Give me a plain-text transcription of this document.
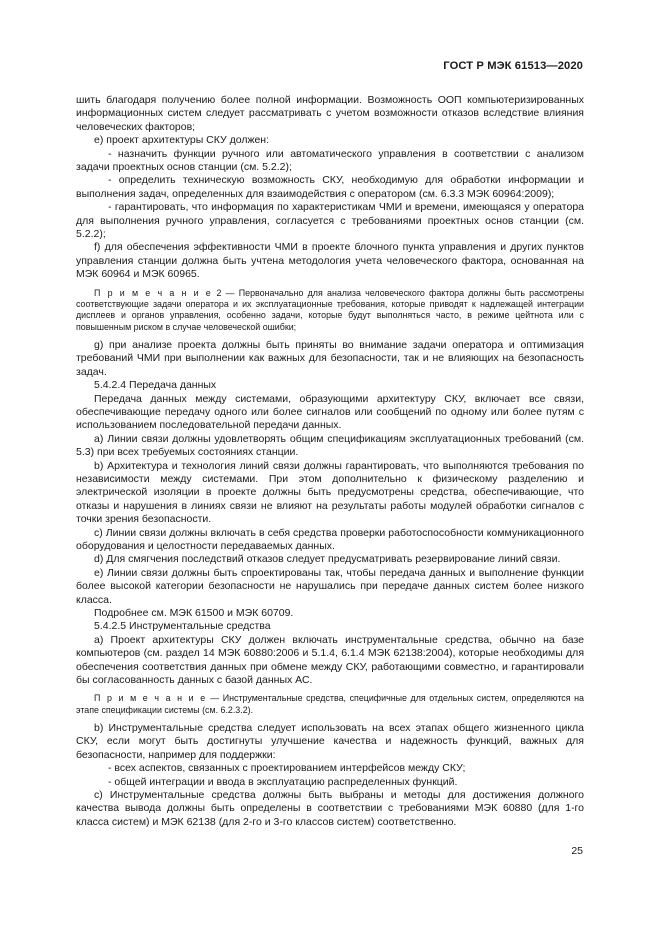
ГОСТ Р МЭК 61513—2020

шить благодаря получению более полной информации. Возможность ООП компьютеризированных информационных систем следует рассматривать с учетом возможности отказов вследствие влияния человеческих факторов;

e) проект архитектуры СКУ должен:

- назначить функции ручного или автоматического управления в соответствии с анализом задачи проектных основ станции (см. 5.2.2);

- определить техническую возможность СКУ, необходимую для обработки информации и выполнения задач, определенных для взаимодействия с оператором (см. 6.3.3 МЭК 60964:2009);

- гарантировать, что информация по характеристикам ЧМИ и времени, имеющаяся у оператора для выполнения ручного управления, согласуется с требованиями проектных основ станции (см. 5.2.2);

f) для обеспечения эффективности ЧМИ в проекте блочного пункта управления и других пунктов управления станции должна быть учтена методология учета человеческого фактора, основанная на МЭК 60964 и МЭК 60965.

П р и м е ч а н и е 2 — Первоначально для анализа человеческого фактора должны быть рассмотрены соответствующие задачи оператора и их эксплуатационные требования, которые приводят к надлежащей интеграции дисплеев и органов управления, особенно задачи, которые будут выполняться часто, в режиме цейтнота или с повышенным риском в случае человеческой ошибки;

g) при анализе проекта должны быть приняты во внимание задачи оператора и оптимизация требований ЧМИ при выполнении как важных для безопасности, так и не влияющих на безопасность задач.

5.4.2.4 Передача данных

Передача данных между системами, образующими архитектуру СКУ, включает все связи, обеспечивающие передачу одного или более сигналов или сообщений по одному или более путям с использованием последовательной передачи данных.

a) Линии связи должны удовлетворять общим спецификациям эксплуатационных требований (см. 5.3) при всех требуемых состояниях станции.

b) Архитектура и технология линий связи должны гарантировать, что выполняются требования по независимости между системами. При этом дополнительно к физическому разделению и электрической изоляции в проекте должны быть предусмотрены средства, обеспечивающие, что отказы и нарушения в линиях связи не влияют на результаты работы модулей обработки сигналов с точки зрения безопасности.

c) Линии связи должны включать в себя средства проверки работоспособности коммуникационного оборудования и целостности передаваемых данных.

d) Для смягчения последствий отказов следует предусматривать резервирование линий связи.

e) Линии связи должны быть спроектированы так, чтобы передача данных и выполнение функции более высокой категории безопасности не нарушались при передаче данных систем более низкого класса.

Подробнее см. МЭК 61500 и МЭК 60709.

5.4.2.5 Инструментальные средства

a) Проект архитектуры СКУ должен включать инструментальные средства, обычно на базе компьютеров (см. раздел 14 МЭК 60880:2006 и 5.1.4, 6.1.4 МЭК 62138:2004), которые необходимы для обеспечения соответствия данных при обмене между СКУ, работающими совместно, и гарантировали бы согласованность данных с базой данных АС.

П р и м е ч а н и е — Инструментальные средства, специфичные для отдельных систем, определяются на этапе спецификации системы (см. 6.2.3.2).

b) Инструментальные средства следует использовать на всех этапах общего жизненного цикла СКУ, если могут быть достигнуты улучшение качества и надежность функций, важных для безопасности, например для поддержки:

- всех аспектов, связанных с проектированием интерфейсов между СКУ;

- общей интеграции и ввода в эксплуатацию распределенных функций.

c) Инструментальные средства должны быть выбраны и методы для достижения должного качества вывода должны быть определены в соответствии с требованиями МЭК 60880 (для 1-го класса систем) и МЭК 62138 (для 2-го и 3-го классов систем) соответственно.

25
